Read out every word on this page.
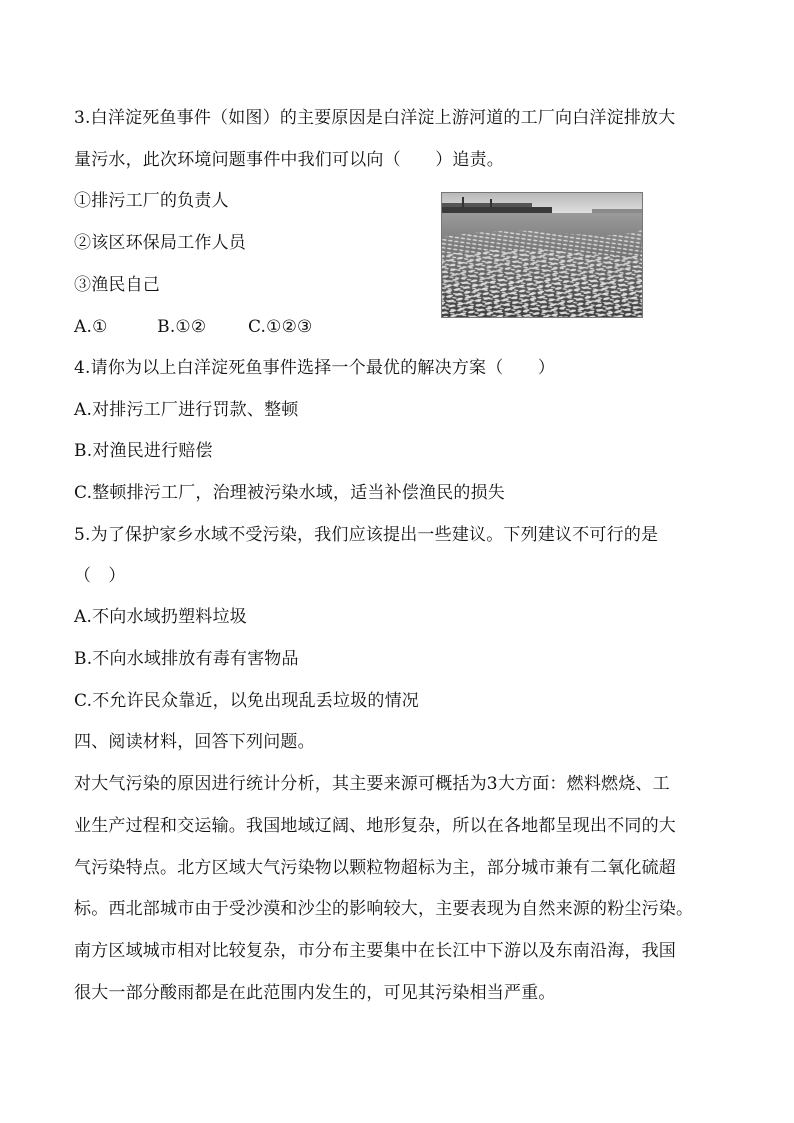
3.白洋淀死鱼事件（如图）的主要原因是白洋淀上游河道的工厂向白洋淀排放大
量污水，此次环境问题事件中我们可以向（　　）追责。
①排污工厂的负责人
②该区环保局工作人员
③渔民自己
A.①	B.①② C.①②③
4.请你为以上白洋淀死鱼事件选择一个最优的解决方案（　　）
A.对排污工厂进行罚款、整顿
B.对渔民进行赔偿
C.整顿排污工厂，治理被污染水域，适当补偿渔民的损失
5.为了保护家乡水域不受污染，我们应该提出一些建议。下列建议不可行的是
（　）
A.不向水域扔塑料垃圾
B.不向水域排放有毒有害物品
C.不允许民众靠近，以免出现乱丢垃圾的情况
四、阅读材料，回答下列问题。
对大气污染的原因进行统计分析，其主要来源可概括为3大方面：燃料燃烧、工
业生产过程和交运输。我国地域辽阔、地形复杂，所以在各地都呈现出不同的大
气污染特点。北方区域大气污染物以颗粒物超标为主，部分城市兼有二氧化硫超
标。西北部城市由于受沙漠和沙尘的影响较大，主要表现为自然来源的粉尘污染。
南方区域城市相对比较复杂，市分布主要集中在长江中下游以及东南沿海，我国
很大一部分酸雨都是在此范围内发生的，可见其污染相当严重。
